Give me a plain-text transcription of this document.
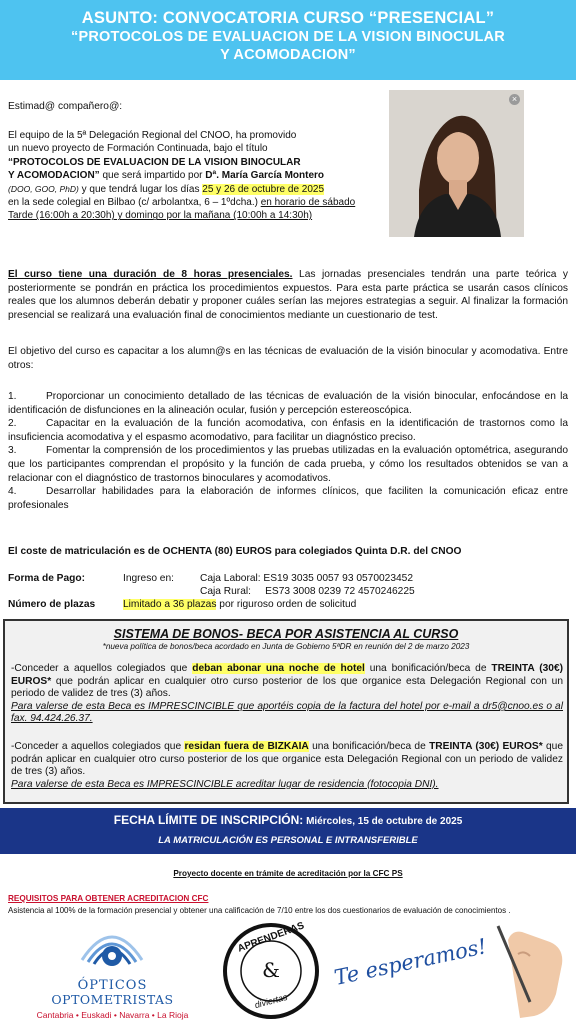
ASUNTO: CONVOCATORIA CURSO “PRESENCIAL”
“PROTOCOLOS DE EVALUACION DE LA VISION BINOCULAR
Y ACOMODACION”
Estimad@ compañero@:
El equipo de la 5ª Delegación Regional del CNOO, ha promovido
un nuevo proyecto de Formación Continuada, bajo el título
“PROTOCOLOS DE EVALUACION DE LA VISION BINOCULAR
Y ACOMODACION” que será impartido por Dª. María García Montero
(DOO, GOO, PhD) y que tendrá lugar los días 25 y 26 de octubre de 2025
en la sede colegial en Bilbao (c/ arbolantxa, 6 – 1ºdcha.) en horario de sábado
Tarde (16:00h a 20:30h) y domingo por la mañana (10:00h a 14:30h)
×
El curso tiene una duración de 8 horas presenciales. Las jornadas presenciales tendrán una parte teórica y posteriormente se pondrán en práctica los procedimientos expuestos. Para esta parte práctica se usarán casos clínicos reales que los alumnos deberán debatir y proponer cuáles serían las mejores estrategias a seguir. Al finalizar la formación presencial se realizará una evaluación final de conocimientos mediante un cuestionario de test.
El objetivo del curso es capacitar a los alumn@s en las técnicas de evaluación de la visión binocular y acomodativa. Entre otros:
1.	Proporcionar un conocimiento detallado de las técnicas de evaluación de la visión binocular, enfocándose en la identificación de disfunciones en la alineación ocular, fusión y percepción estereoscópica.
2.	Capacitar en la evaluación de la función acomodativa, con énfasis en la identificación de trastornos como la insuficiencia acomodativa y el espasmo acomodativo, para facilitar un diagnóstico preciso.
3.	Fomentar la comprensión de los procedimientos y las pruebas utilizadas en la evaluación optométrica, asegurando que los participantes comprendan el propósito y la función de cada prueba, y cómo los resultados obtenidos se van a relacionar con el diagnóstico de trastornos binoculares y acomodativos.
4.	Desarrollar habilidades para la elaboración de informes clínicos, que faciliten la comunicación eficaz entre profesionales
El coste de matriculación es de OCHENTA (80) EUROS para colegiados Quinta D.R. del CNOO
Forma de Pago:	Ingreso en:	Caja Laboral: ES19 3035 0057 93 0570023452
Caja Rural:     ES73 3008 0239 72 4570246225
Número de plazas	Limitado a 36 plazas por riguroso orden de solicitud
SISTEMA DE BONOS- BECA POR ASISTENCIA AL CURSO
*nueva política de bonos/beca acordado en Junta de Gobierno 5ªDR en reunión del 2 de marzo 2023
-Conceder a aquellos colegiados que deban abonar una noche de hotel una bonificación/beca de TREINTA (30€) EUROS* que podrán aplicar en cualquier otro curso posterior de los que organice esta Delegación Regional con un periodo de validez de tres (3) años.
Para valerse de esta Beca es IMPRESCINCIBLE que aportéis copia de la factura del hotel por e-mail a dr5@cnoo.es o al fax. 94.424.26.37.
-Conceder a aquellos colegiados que residan fuera de BIZKAIA una bonificación/beca de TREINTA (30€) EUROS* que podrán aplicar en cualquier otro curso posterior de los que organice esta Delegación Regional con un periodo de validez de tres (3) años.
Para valerse de esta Beca es IMPRESCINCIBLE acreditar lugar de residencia (fotocopia DNI).
FECHA LÍMITE DE INSCRIPCIÓN: Miércoles, 15 de octubre de 2025
LA MATRICULACIÓN ES PERSONAL E INTRANSFERIBLE
Proyecto docente en trámite de acreditación por la CFC PS
REQUISITOS PARA OBTENER ACREDITACION CFC
Asistencia al 100% de la formación presencial y obtener una calificación de 7/10 entre los dos cuestionarios de evaluación de conocimientos .
ÓPTICOS
OPTOMETRISTAS
Cantabria • Euskadi • Navarra • La Rioja
&
APRENDERAS
diviertas
Te esperamos!
